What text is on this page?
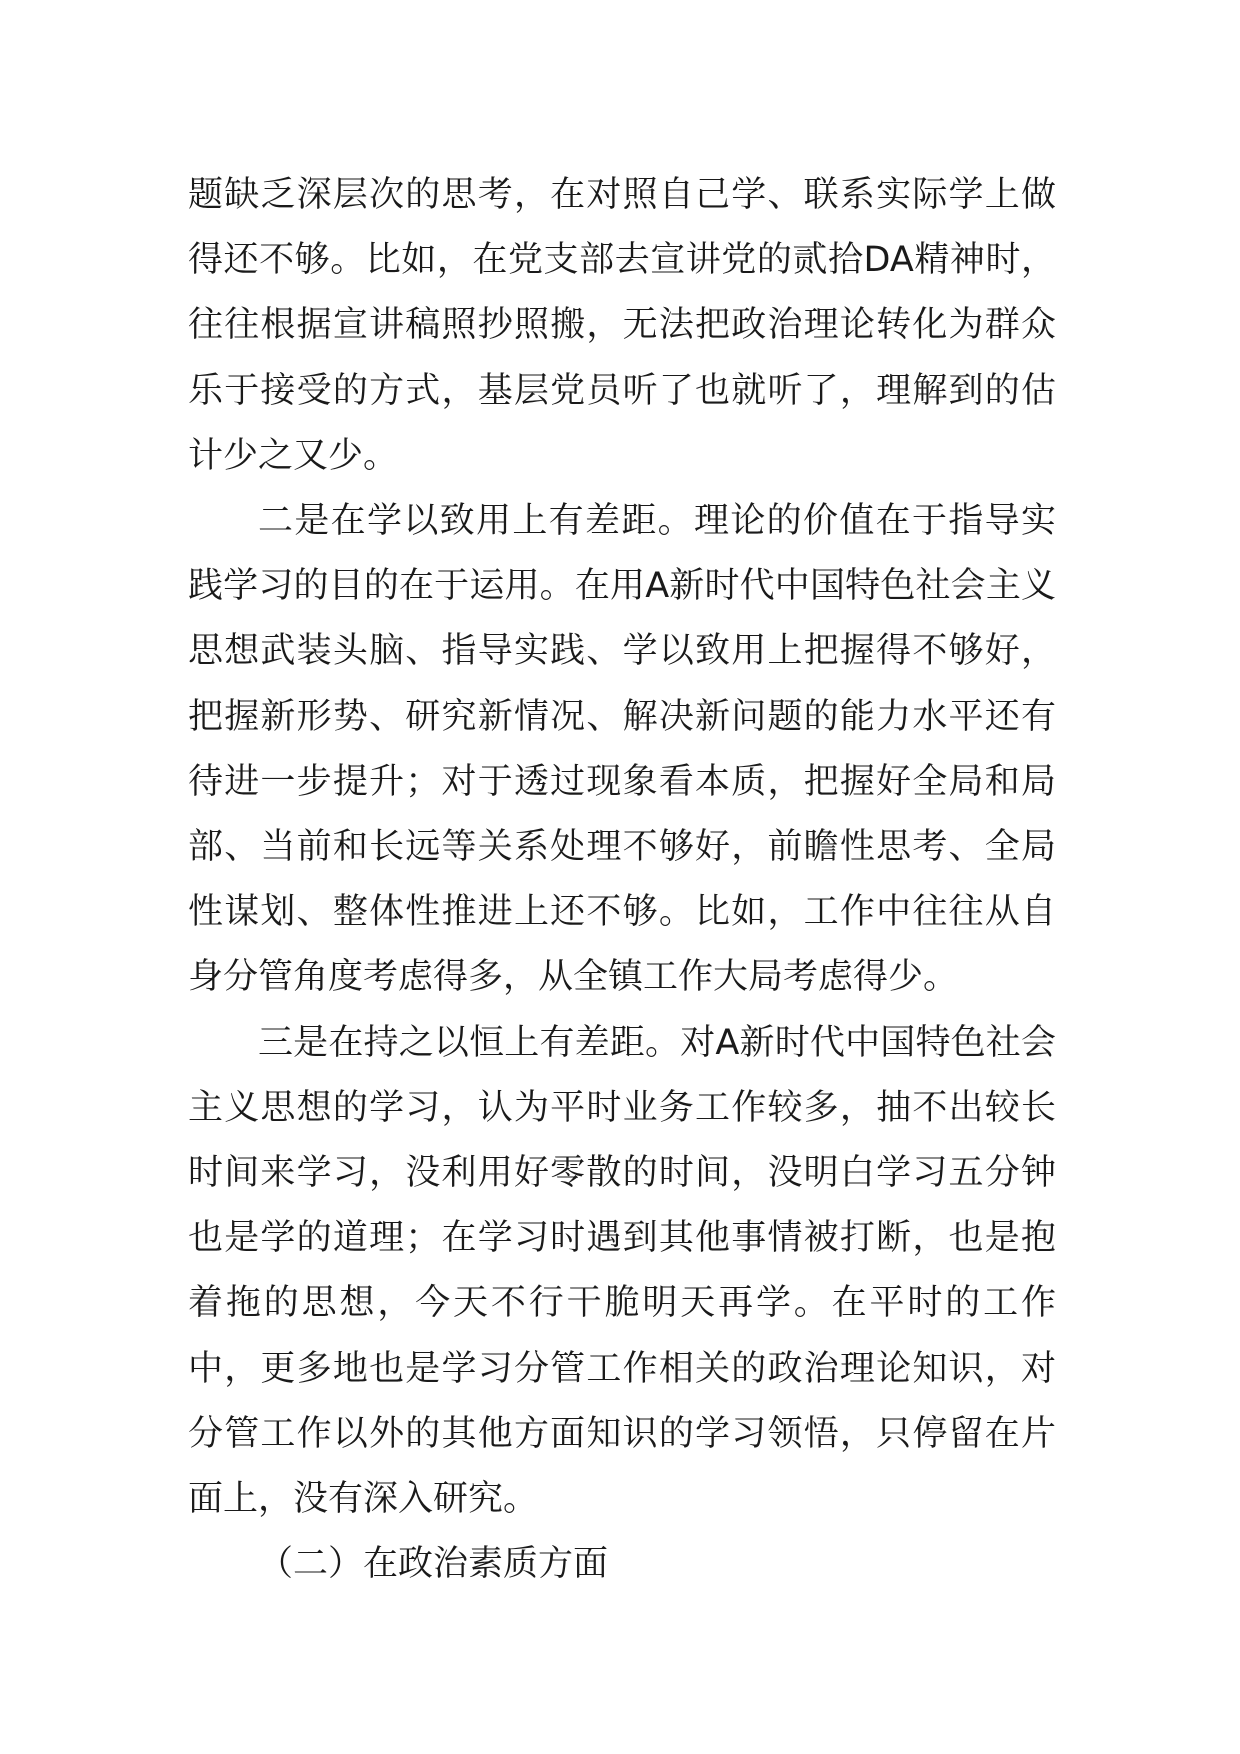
题缺乏深层次的思考，在对照自己学、联系实际学上做得还不够。比如，在党支部去宣讲党的贰拾DA精神时，往往根据宣讲稿照抄照搬，无法把政治理论转化为群众乐于接受的方式，基层党员听了也就听了，理解到的估计少之又少。

二是在学以致用上有差距。理论的价值在于指导实践学习的目的在于运用。在用A新时代中国特色社会主义思想武装头脑、指导实践、学以致用上把握得不够好，把握新形势、研究新情况、解决新问题的能力水平还有待进一步提升；对于透过现象看本质，把握好全局和局部、当前和长远等关系处理不够好，前瞻性思考、全局性谋划、整体性推进上还不够。比如，工作中往往从自身分管角度考虑得多，从全镇工作大局考虑得少。

三是在持之以恒上有差距。对A新时代中国特色社会主义思想的学习，认为平时业务工作较多，抽不出较长时间来学习，没利用好零散的时间，没明白学习五分钟也是学的道理；在学习时遇到其他事情被打断，也是抱着拖的思想，今天不行干脆明天再学。在平时的工作中，更多地也是学习分管工作相关的政治理论知识，对分管工作以外的其他方面知识的学习领悟，只停留在片面上，没有深入研究。

（二）在政治素质方面
